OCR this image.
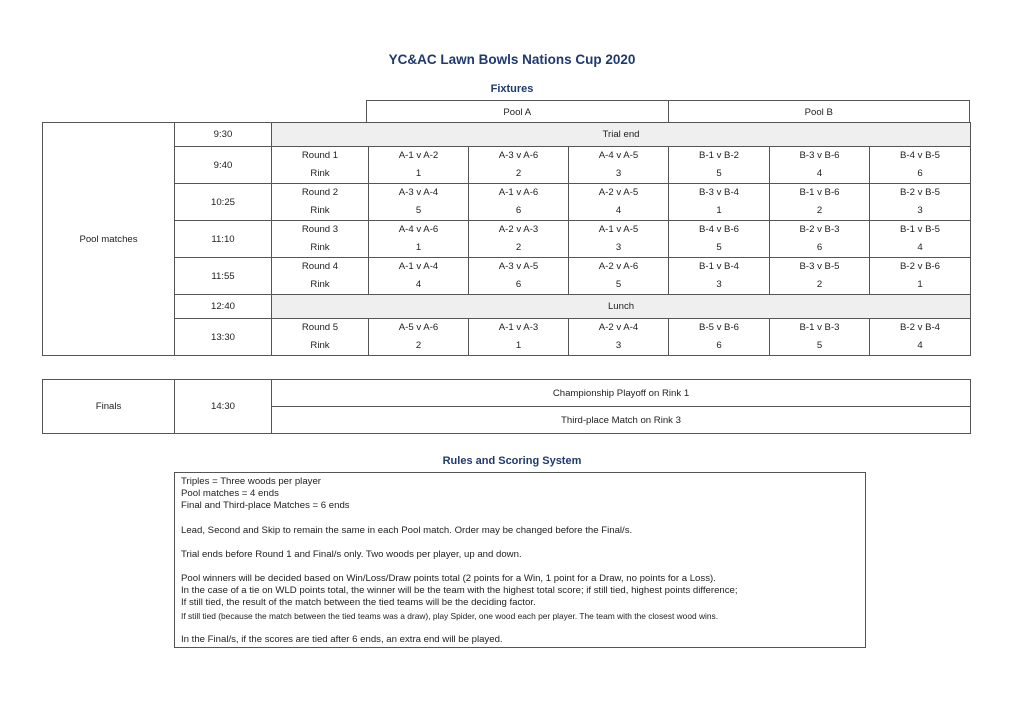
YC&AC Lawn Bowls Nations Cup 2020
Fixtures
Pool A	Pool B
Pool matches	9:30	Trial end						
	9:40	Round 1	A-1 v A-2	A-3 v A-6	A-4 v A-5	B-1 v B-2	B-3 v B-6	B-4 v B-5
		Rink	1	2	3	5	4	6
	10:25	Round 2	A-3 v A-4	A-1 v A-6	A-2 v A-5	B-3 v B-4	B-1 v B-6	B-2 v B-5
		Rink	5	6	4	1	2	3
	11:10	Round 3	A-4 v A-6	A-2 v A-3	A-1 v A-5	B-4 v B-6	B-2 v B-3	B-1 v B-5
		Rink	1	2	3	5	6	4
	11:55	Round 4	A-1 v A-4	A-3 v A-5	A-2 v A-6	B-1 v B-4	B-3 v B-5	B-2 v B-6
		Rink	4	6	5	3	2	1
	12:40	Lunch						
	13:30	Round 5	A-5 v A-6	A-1 v A-3	A-2 v A-4	B-5 v B-6	B-1 v B-3	B-2 v B-4
		Rink	2	1	3	6	5	4
Finals	14:30	Championship Playoff on Rink 1
Third-place Match on Rink 3
Rules and Scoring System
Triples = Three woods per player
Pool matches = 4 ends
Final and Third-place Matches = 6 ends
Lead, Second and Skip to remain the same in each Pool match. Order may be changed before the Final/s.
Trial ends before Round 1 and Final/s only. Two woods per player, up and down.
Pool winners will be decided based on Win/Loss/Draw points total (2 points for a Win, 1 point for a Draw, no points for a Loss).
In the case of a tie on WLD points total, the winner will be the team with the highest total score; if still tied, highest points difference;
If still tied, the result of the match between the tied teams will be the deciding factor.
If still tied (because the match between the tied teams was a draw), play Spider, one wood each per player. The team with the closest wood wins.
In the Final/s, if the scores are tied after 6 ends, an extra end will be played.
